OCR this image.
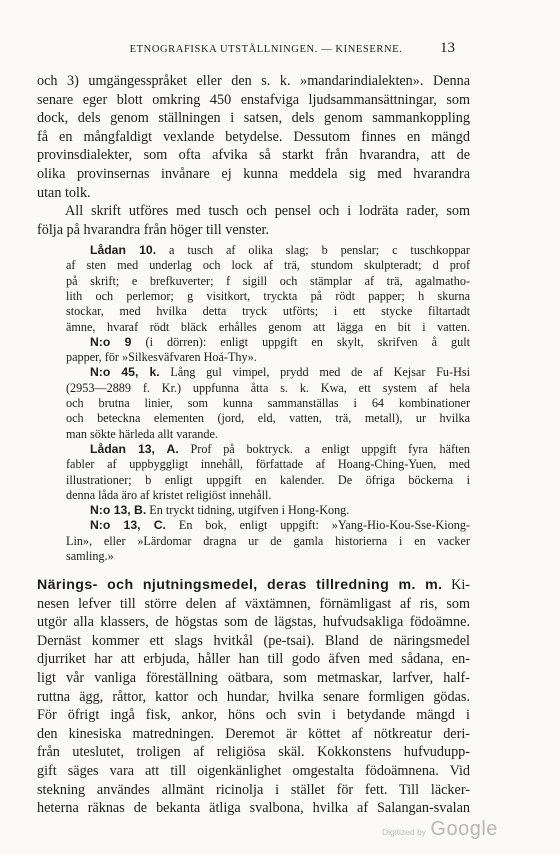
ETNOGRAFISKA UTSTÄLLNINGEN. — KINESERNE.	13
och 3) umgängesspråket eller den s. k. »mandarindialekten». Denna
senare eger blott omkring 450 enstafviga ljudsammansättningar, som
dock, dels genom ställningen i satsen, dels genom sammankoppling
få en mångfaldigt vexlande betydelse. Dessutom finnes en mängd
provinsdialekter, som ofta afvika så starkt från hvarandra, att de
olika provinsernas invånare ej kunna meddela sig med hvarandra
utan tolk.
All skrift utföres med tusch och pensel och i lodräta rader, som
följa på hvarandra från höger till venster.
Lådan 10. a tusch af olika slag; b penslar; c tuschkoppar
af sten med underlag och lock af trä, stundom skulpteradt; d prof
på skrift; e brefkuverter; f sigill och stämplar af trä, agalmatho-
lith och perlemor; g visitkort, tryckta på rödt papper; h skurna
stockar, med hvilka detta tryck utförts; i ett stycke filtartadt
ämne, hvaraf rödt bläck erhålles genom att lägga en bit i vatten.
N:o 9 (i dörren): enligt uppgift en skylt, skrifven å gult
papper, för »Silkesväfvaren Hoá-Thy».
N:o 45, k. Lång gul vimpel, prydd med de af Kejsar Fu-Hsi
(2953—2889 f. Kr.) uppfunna åtta s. k. Kwa, ett system af hela
och brutna linier, som kunna sammanställas i 64 kombinationer
och beteckna elementen (jord, eld, vatten, trä, metall), ur hvilka
man sökte härleda allt varande.
Lådan 13, A. Prof på boktryck. a enligt uppgift fyra häften
fabler af uppbyggligt innehåll, författade af Hoang-Ching-Yuen, med
illustrationer; b enligt uppgift en kalender. De öfriga böckerna i
denna låda äro af kristet religiöst innehåll.
N:o 13, B. En tryckt tidning, utgifven i Hong-Kong.
N:o 13, C. En bok, enligt uppgift: »Yang-Hio-Kou-Sse-Kiong-
Lin», eller »Lärdomar dragna ur de gamla historierna i en vacker
samling.»
Närings- och njutningsmedel, deras tillredning m. m. Ki-
nesen lefver till större delen af växtämnen, förnämligast af ris, som
utgör alla klassers, de högstas som de lägstas, hufvudsakliga födoämne.
Dernäst kommer ett slags hvitkål (pe-tsai). Bland de näringsmedel
djurriket har att erbjuda, håller han till godo äfven med sådana, en-
ligt vår vanliga föreställning oätbara, som metmaskar, larfver, half-
ruttna ägg, råttor, kattor och hundar, hvilka senare formligen gödas.
För öfrigt ingå fisk, ankor, höns och svin i betydande mängd i
den kinesiska matredningen. Deremot är köttet af nötkreatur deri-
från uteslutet, troligen af religiösa skäl. Kokkonstens hufvudupp-
gift säges vara att till oigenkänlighet omgestalta födoämnena. Vid
stekning användes allmänt ricinolja i stället för fett. Till läcker-
heterna räknas de bekanta ätliga svalbona, hvilka af Salangan-svalan
Digitized by Google
